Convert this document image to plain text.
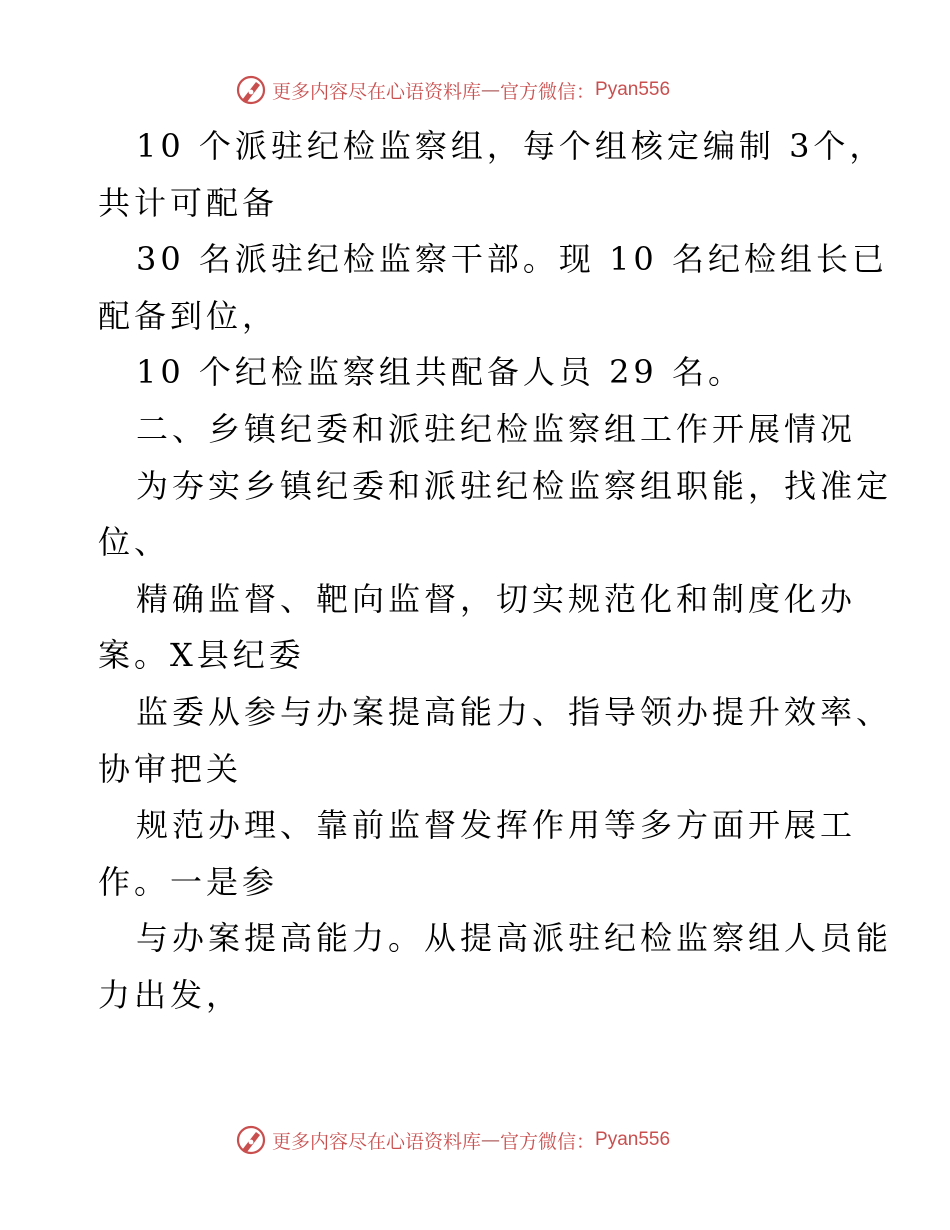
更多内容尽在心语资料库 — 官方微信： Pyan556
10 个派驻纪检监察组，每个组核定编制 3个，
共计可配备
30 名派驻纪检监察干部。现 10 名纪检组长已
配备到位，
10 个纪检监察组共配备人员 29 名。
二、乡镇纪委和派驻纪检监察组工作开展情况
为夯实乡镇纪委和派驻纪检监察组职能，找准定
位、
精确监督、靶向监督，切实规范化和制度化办
案。X县纪委
监委从参与办案提高能力、指导领办提升效率、
协审把关
规范办理、靠前监督发挥作用等多方面开展工
作。一是参
与办案提高能力。从提高派驻纪检监察组人员能
力出发，
更多内容尽在心语资料库 — 官方微信： Pyan556
